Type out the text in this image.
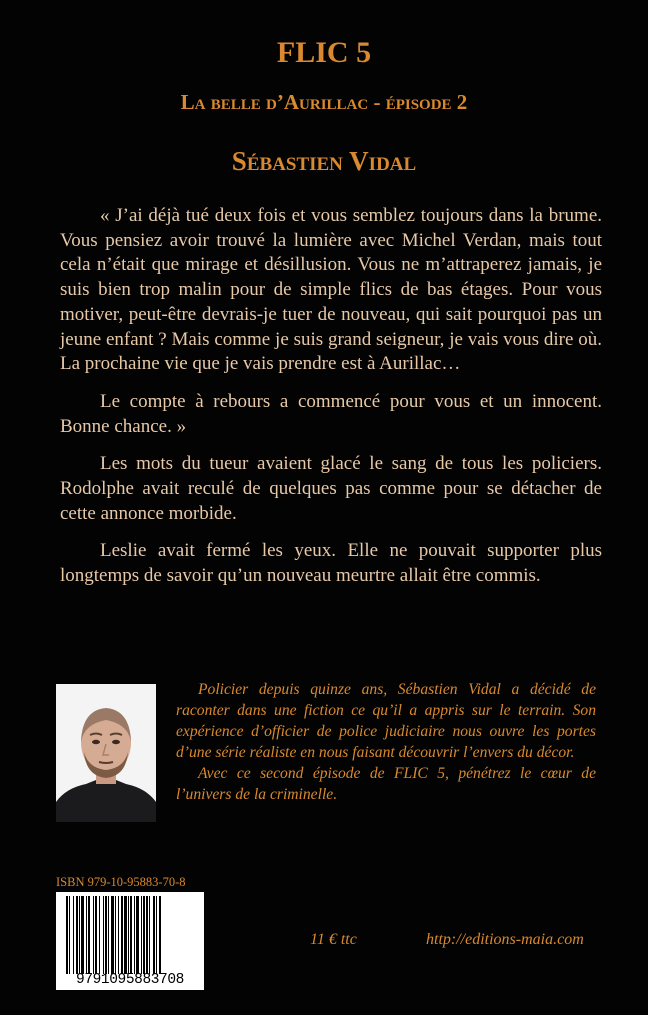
FLIC 5
La belle d’Aurillac - épisode 2
Sébastien Vidal

« J’ai déjà tué deux fois et vous semblez toujours dans la brume. Vous pensiez avoir trouvé la lumière avec Michel Verdan, mais tout cela n’était que mirage et désillusion. Vous ne m’attraperez jamais, je suis bien trop malin pour de simple flics de bas étages. Pour vous motiver, peut-être devrais-je tuer de nouveau, qui sait pourquoi pas un jeune enfant ? Mais comme je suis grand seigneur, je vais vous dire où. La prochaine vie que je vais prendre est à Aurillac…

Le compte à rebours a commencé pour vous et un innocent. Bonne chance. »

Les mots du tueur avaient glacé le sang de tous les policiers. Rodolphe avait reculé de quelques pas comme pour se détacher de cette annonce morbide.

Leslie avait fermé les yeux. Elle ne pouvait supporter plus longtemps de savoir qu’un nouveau meurtre allait être commis.

Policier depuis quinze ans, Sébastien Vidal a décidé de raconter dans une fiction ce qu’il a appris sur le terrain. Son expérience d’officier de police judiciaire nous ouvre les portes d’une série réaliste en nous faisant découvrir l’envers du décor.

Avec ce second épisode de FLIC 5, pénétrez le cœur de l’univers de la criminelle.

ISBN 979-10-95883-70-8
9791095883708
11 € ttc	http://editions-maia.com
